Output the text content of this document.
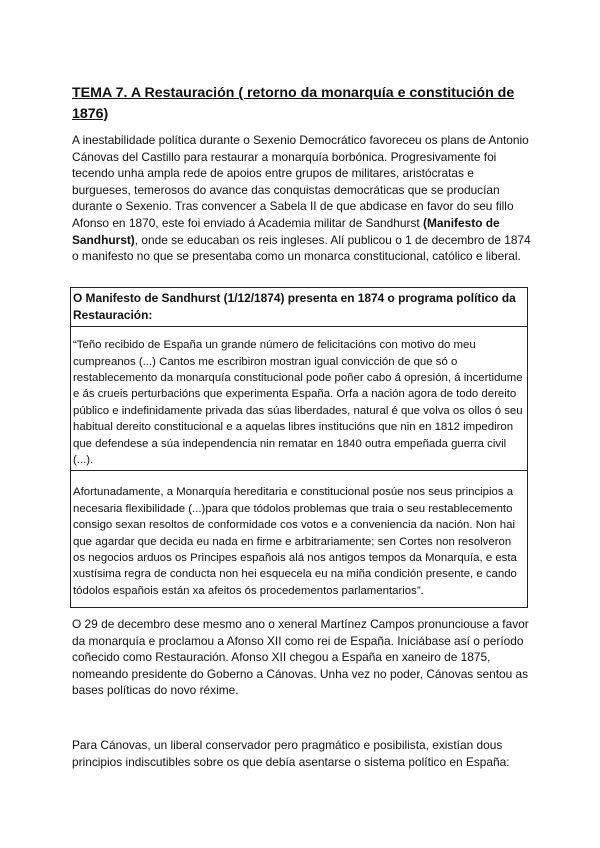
TEMA 7. A Restauración ( retorno da monarquía e constitución de 1876)

A inestabilidade política durante o Sexenio Democrático favoreceu os plans de Antonio Cánovas del Castillo para restaurar a monarquía borbónica. Progresivamente foi tecendo unha ampla rede de apoios entre grupos de militares, aristócratas e burgueses, temerosos do avance das conquistas democráticas que se producían durante o Sexenio. Tras convencer a Sabela II de que abdicase en favor do seu fillo Afonso en 1870, este foi enviado á Academia militar de Sandhurst (Manifesto de Sandhurst), onde se educaban os reis ingleses. Alí publicou o 1 de decembro de 1874 o manifesto no que se presentaba como un monarca constitucional, católico e liberal.

O Manifesto de Sandhurst (1/12/1874) presenta en 1874 o programa político da Restauración:
“Teño recibido de España un grande número de felicitacións con motivo do meu cumpreanos (...) Cantos me escribiron mostran igual convicción de que só o restablecemento da monarquía constitucional pode poñer cabo á opresión, á incertidume e ás crueis perturbacións que experimenta España. Orfa a nación agora de todo dereito público e indefinidamente privada das súas liberdades, natural é que volva os ollos ó seu habitual dereito constitucional e a aquelas libres institucións que nin en 1812 impediron que defendese a súa independencia nin rematar en 1840 outra empeñada guerra civil (...).
Afortunadamente, a Monarquía hereditaria e constitucional posúe nos seus principios a necesaria flexibilidade (...)para que tódolos problemas que traia o seu restablecemento consigo sexan resoltos de conformidade cos votos e a conveniencia da nación. Non hai que agardar que decida eu nada en firme e arbitrariamente; sen Cortes non resolveron os negocios arduos os Principes españois alá nos antigos tempos da Monarquía, e esta xustísima regra de conducta non hei esquecela eu na miña condición presente, e cando tódolos españois están xa afeitos ós procedementos parlamentarios”.

O 29 de decembro dese mesmo ano o xeneral Martínez Campos pronunciouse a favor da monarquía e proclamou a Afonso XII como rei de España. Iniciábase así o período coñecido como Restauración. Afonso XII chegou a España en xaneiro de 1875, nomeando presidente do Goberno a Cánovas. Unha vez no poder, Cánovas sentou as bases políticas do novo réxime.

Para Cánovas, un liberal conservador pero pragmático e posibilista, existían dous principios indiscutibles sobre os que debía asentarse o sistema político en España:
